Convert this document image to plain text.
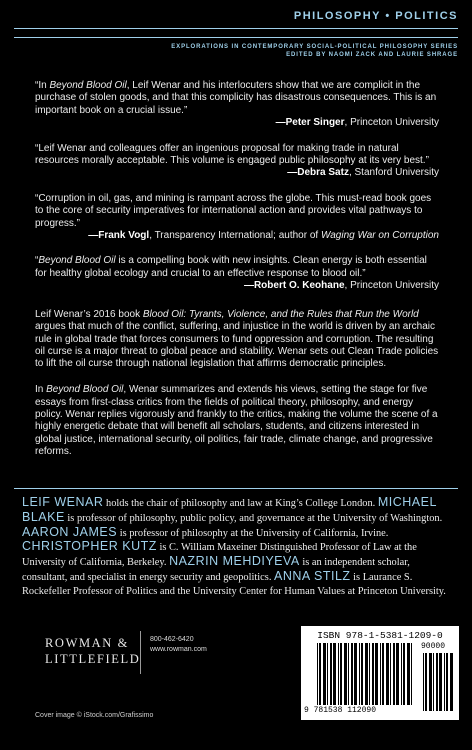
PHILOSOPHY • POLITICS
EXPLORATIONS IN CONTEMPORARY SOCIAL-POLITICAL PHILOSOPHY SERIES
EDITED BY NAOMI ZACK AND LAURIE SHRAGE
“In Beyond Blood Oil, Leif Wenar and his interlocuters show that we are complicit in the purchase of stolen goods, and that this complicity has disastrous consequences. This is an important book on a crucial issue.”
—Peter Singer, Princeton University
“Leif Wenar and colleagues offer an ingenious proposal for making trade in natural resources morally acceptable. This volume is engaged public philosophy at its very best.”
—Debra Satz, Stanford University
“Corruption in oil, gas, and mining is rampant across the globe. This must-read book goes to the core of security imperatives for international action and provides vital pathways to progress.”
—Frank Vogl, Transparency International; author of Waging War on Corruption
“Beyond Blood Oil is a compelling book with new insights. Clean energy is both essential for healthy global ecology and crucial to an effective response to blood oil.”
—Robert O. Keohane, Princeton University

Leif Wenar’s 2016 book Blood Oil: Tyrants, Violence, and the Rules that Run the World argues that much of the conflict, suffering, and injustice in the world is driven by an archaic rule in global trade that forces consumers to fund oppression and corruption. The resulting oil curse is a major threat to global peace and stability. Wenar sets out Clean Trade policies to lift the oil curse through national legislation that affirms democratic principles.

In Beyond Blood Oil, Wenar summarizes and extends his views, setting the stage for five essays from first-class critics from the fields of political theory, philosophy, and energy policy. Wenar replies vigorously and frankly to the critics, making the volume the scene of a highly energetic debate that will benefit all scholars, students, and citizens interested in global justice, international security, oil politics, fair trade, climate change, and progressive reforms.

LEIF WENAR holds the chair of philosophy and law at King’s College London. MICHAEL BLAKE is professor of philosophy, public policy, and governance at the University of Washington. AARON JAMES is professor of philosophy at the University of California, Irvine. CHRISTOPHER KUTZ is C. William Maxeiner Distinguished Professor of Law at the University of California, Berkeley. NAZRIN MEHDIYEVA is an independent scholar, consultant, and specialist in energy security and geopolitics. ANNA STILZ is Laurance S. Rockefeller Professor of Politics and the University Center for Human Values at Princeton University.
ROWMAN &
LITTLEFIELD
800-462-6420
www.rowman.com
ISBN 978-1-5381-1209-0
90000
9 781538 112090
Cover image © iStock.com/Grafissimo
